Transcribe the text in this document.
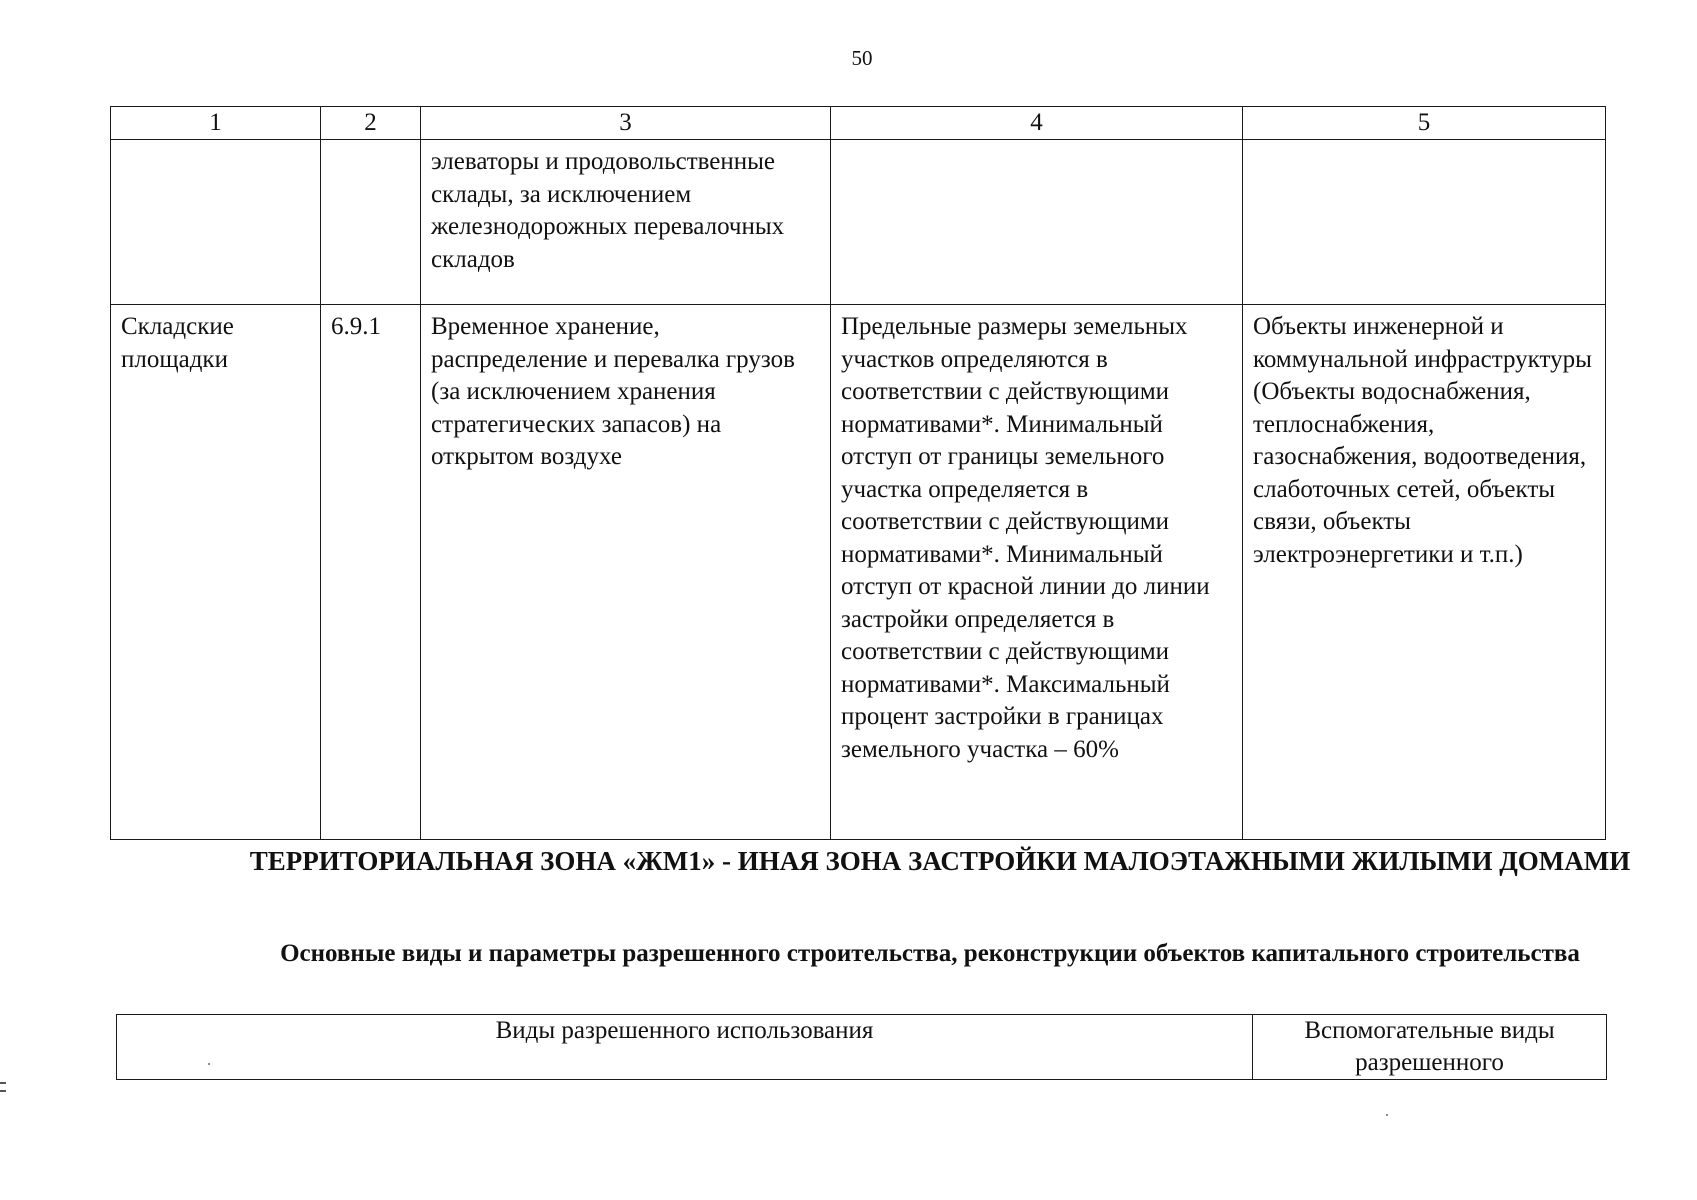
50
1	2	3	4	5
		элеваторы и продовольственные склады, за исключением железнодорожных перевалочных складов		
Складские площадки	6.9.1	Временное хранение, распределение и перевалка грузов (за исключением хранения стратегических запасов) на открытом воздухе	Предельные размеры земельных участков определяются в соответствии с действующими нормативами*. Минимальный отступ от границы земельного участка определяется в соответствии с действующими нормативами*. Минимальный отступ от красной линии до линии застройки определяется в соответствии с действующими нормативами*. Максимальный процент застройки в границах земельного участка – 60%	Объекты инженерной и коммунальной инфраструктуры (Объекты водоснабжения, теплоснабжения, газоснабжения, водоотведения, слаботочных сетей, объекты связи, объекты электроэнергетики и т.п.)
ТЕРРИТОРИАЛЬНАЯ ЗОНА «ЖМ1» - ИНАЯ ЗОНА ЗАСТРОЙКИ МАЛОЭТАЖНЫМИ ЖИЛЫМИ ДОМАМИ
Основные виды и параметры разрешенного строительства, реконструкции объектов капитального строительства
Виды разрешенного использования	Вспомогательные виды разрешенного
